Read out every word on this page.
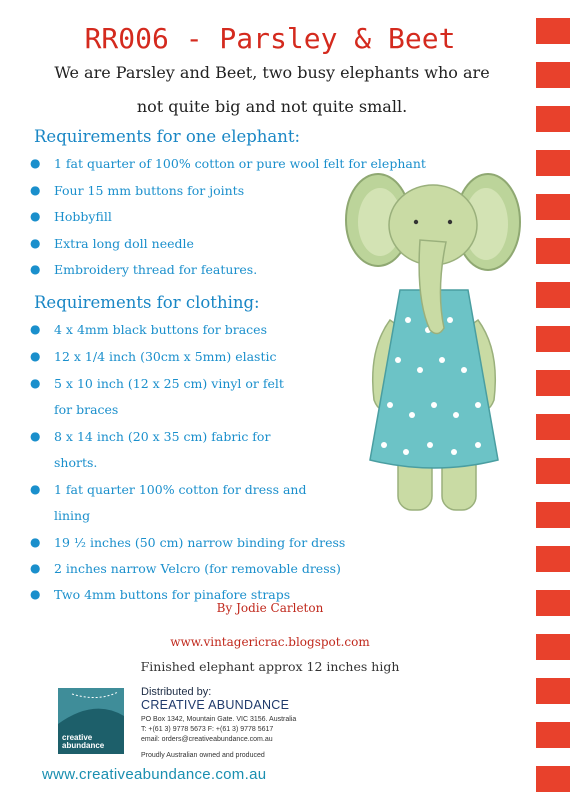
RR006 - Parsley & Beet
We are Parsley and Beet, two busy elephants who are
not quite big and not quite small.
Requirements for one elephant:
● 1 fat quarter of 100% cotton or pure wool felt for elephant
● Four 15 mm buttons for joints
● Hobbyfill
● Extra long doll needle
● Embroidery thread for features.
Requirements for clothing:
● 4 x 4mm black buttons for braces
● 12 x 1/4 inch (30cm x 5mm) elastic
● 5 x 10 inch (12 x 25 cm) vinyl or felt
for braces
● 8 x 14 inch (20 x 35 cm) fabric for
shorts.
● 1 fat quarter 100% cotton for dress and
lining
● 19 ½ inches (50 cm) narrow binding for dress
● 2 inches narrow Velcro (for removable dress)
● Two 4mm buttons for pinafore straps
By Jodie Carleton
www.vintagericrac.blogspot.com
Finished elephant approx 12 inches high
creative
abundance
Distributed by:
CREATIVE ABUNDANCE
PO Box 1342, Mountain Gate. VIC 3156. Australia
T: +(61 3) 9778 5673 F: +(61 3) 9778 5617
email: orders@creativeabundance.com.au
Proudly Australian owned and produced
www.creativeabundance.com.au
